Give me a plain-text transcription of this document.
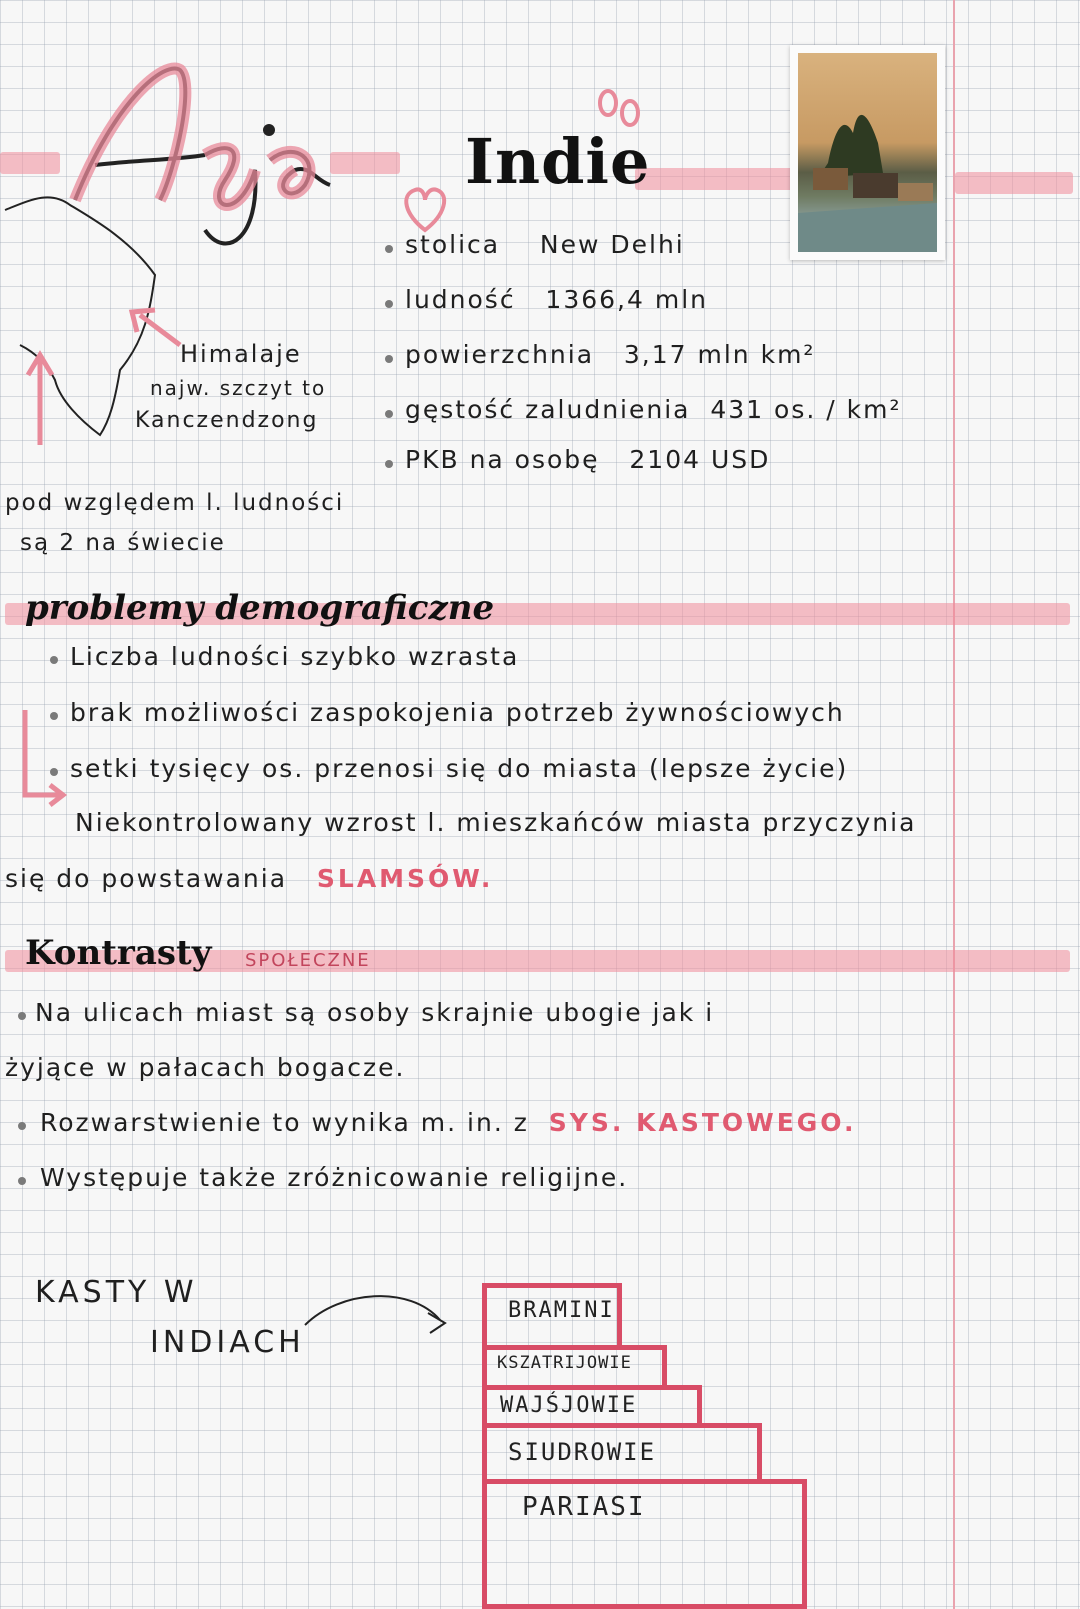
Himalaje
najw. szczyt to
Kanczendzong
Indie
stolica New Delhi
ludność 1366,4 mln
powierzchnia 3,17 mln km²
gęstość zaludnienia 431 os. / km²
PKB na osobę 2104 USD
pod względem l. ludności
są 2 na świecie
problemy demograficzne
Liczba ludności szybko wzrasta
brak możliwości zaspokojenia potrzeb żywnościowych
setki tysięcy os. przenosi się do miasta (lepsze życie)
Niekontrolowany wzrost l. mieszkańców miasta przyczynia
się do powstawania SLAMSÓW.
Kontrasty SPOŁECZNE
Na ulicach miast są osoby skrajnie ubogie jak i
żyjące w pałacach bogacze.
Rozwarstwienie to wynika m. in. z SYS. KASTOWEGO.
Występuje także zróżnicowanie religijne.
KASTY W
INDIACH
BRAMINI
KSZATRIJOWIE
WAJŚJOWIE
SIUDROWIE
PARIASI
